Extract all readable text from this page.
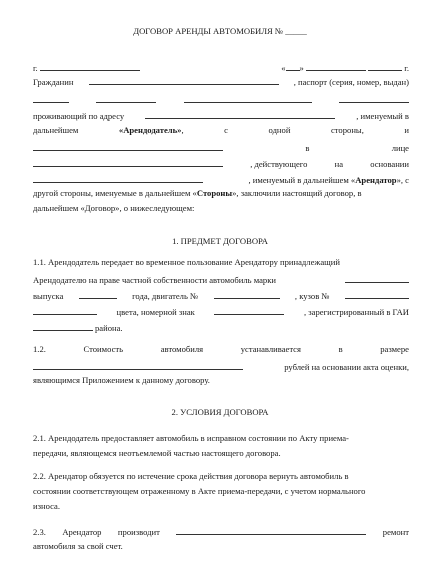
ДОГОВОР АРЕНДЫ АВТОМОБИЛЯ № _____
г.	« »	г.
Гражданин	, паспорт (серия, номер, выдан)
проживающий по адресу	, именуемый в
дальнейшем	«Арендодатель»,	с	одной	стороны,	и
в	лице
, действующего	на	основании
, именуемый в дальнейшем «Арендатор», с
другой стороны, именуемые в дальнейшем «Стороны», заключили настоящий договор, в
дальнейшем «Договор», о нижеследующем:
1. ПРЕДМЕТ ДОГОВОРА
1.1. Арендодатель передает во временное пользование Арендатору принадлежащий
Арендодателю на праве частной собственности автомобиль марки
выпуска	года, двигатель №	, кузов №
цвета, номерной знак	, зарегистрированный в ГАИ
района.
1.2.	Стоимость	автомобиля	устанавливается	в	размере
рублей на основании акта оценки,
являющимся Приложением к данному договору.
2. УСЛОВИЯ ДОГОВОРА
2.1. Арендодатель предоставляет автомобиль в исправном состоянии по Акту приема-
передачи, являющемся неотъемлемой частью настоящего договора.
2.2. Арендатор обязуется по истечение срока действия договора вернуть автомобиль в
состоянии соответствующем отраженному в Акте приема-передачи, с учетом нормального
износа.
2.3. Арендатор производит	ремонт
автомобиля за свой счет.
